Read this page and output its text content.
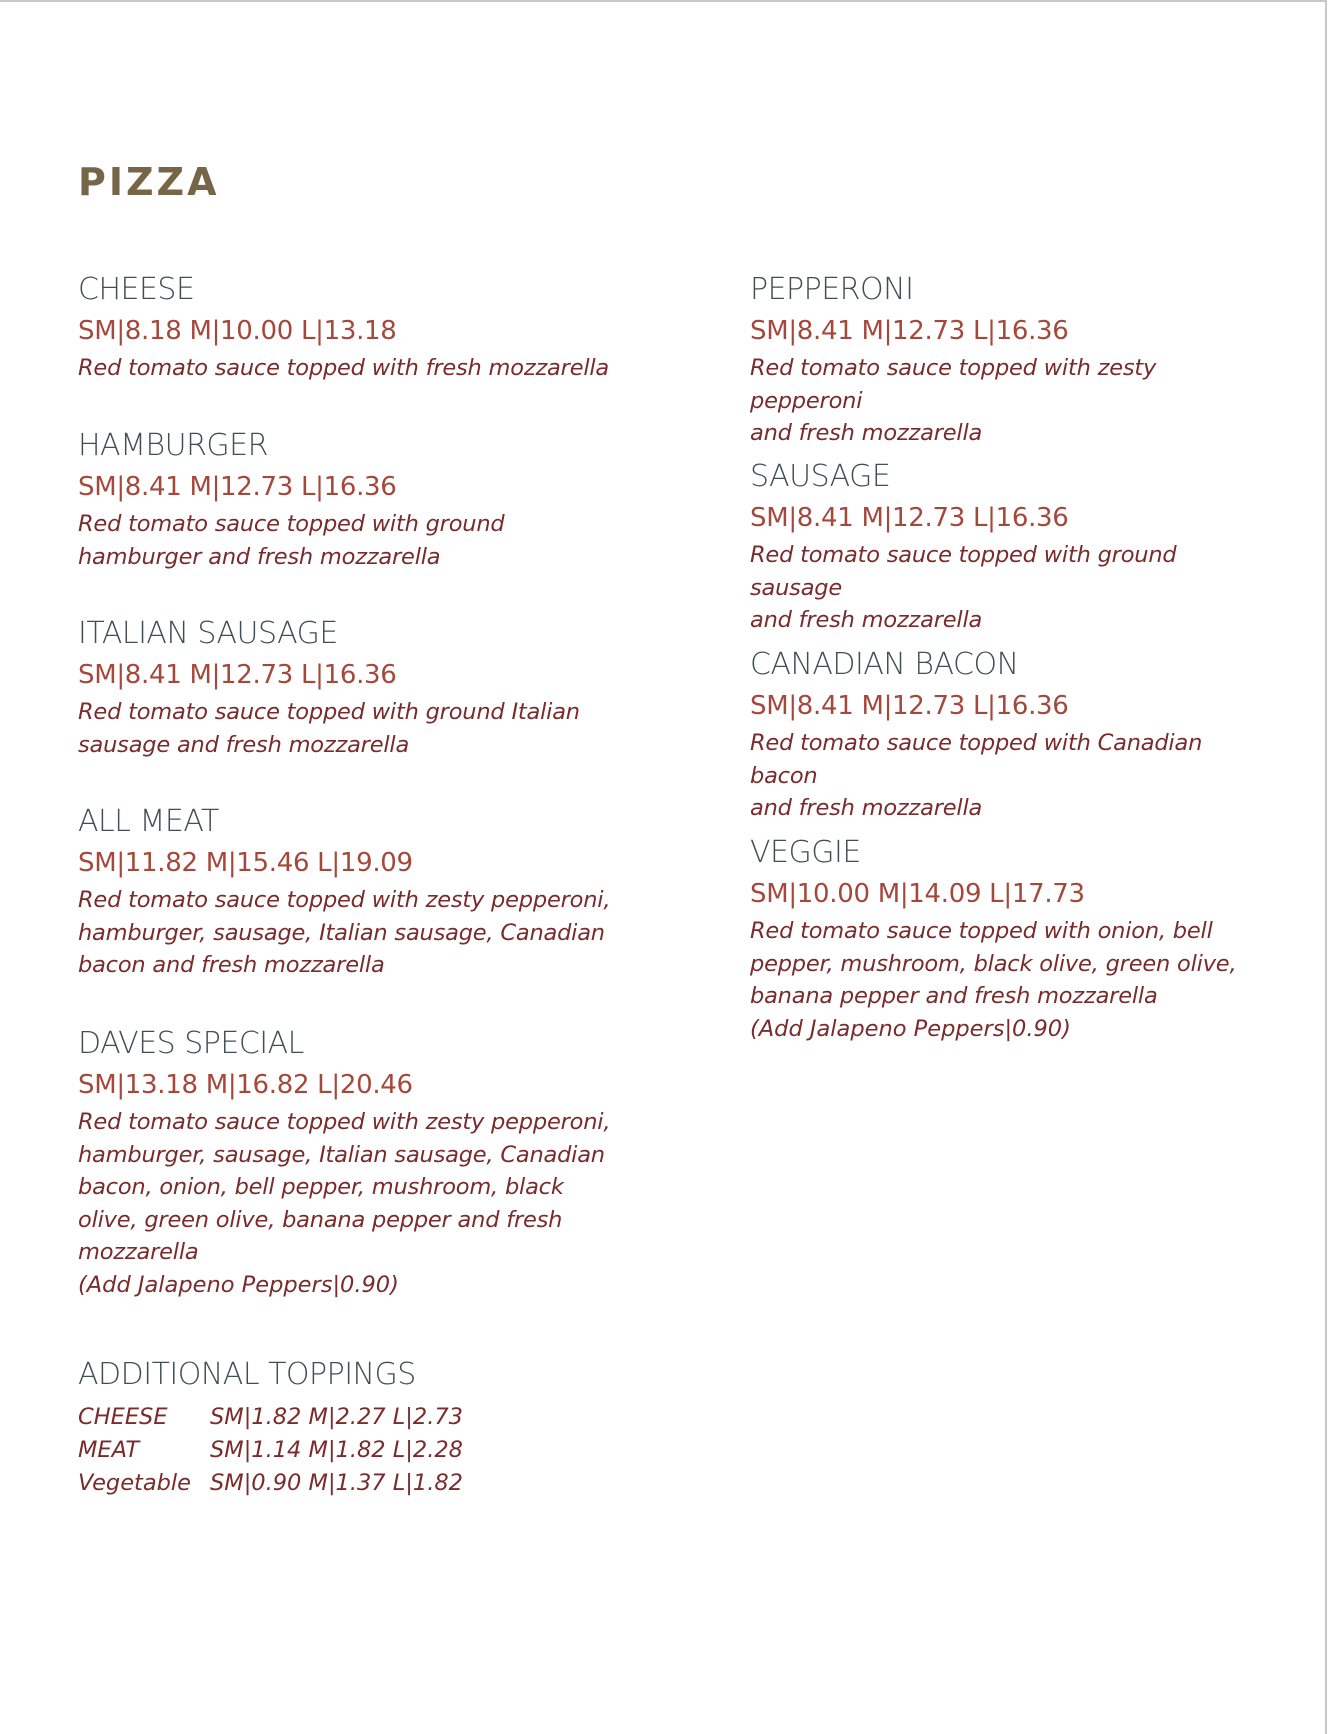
PIZZA
CHEESE
SM|8.18 M|10.00 L|13.18
Red tomato sauce topped with fresh mozzarella
HAMBURGER
SM|8.41 M|12.73 L|16.36
Red tomato sauce topped with ground
hamburger and fresh mozzarella
ITALIAN SAUSAGE
SM|8.41 M|12.73 L|16.36
Red tomato sauce topped with ground Italian
sausage and fresh mozzarella
ALL MEAT
SM|11.82 M|15.46 L|19.09
Red tomato sauce topped with zesty pepperoni,
hamburger, sausage, Italian sausage, Canadian
bacon and fresh mozzarella
DAVES SPECIAL
SM|13.18 M|16.82 L|20.46
Red tomato sauce topped with zesty pepperoni,
hamburger, sausage, Italian sausage, Canadian
bacon, onion, bell pepper, mushroom, black
olive, green olive, banana pepper and fresh
mozzarella
(Add Jalapeno Peppers|0.90)
ADDITIONAL TOPPINGS
CHEESE	SM|1.82 M|2.27 L|2.73
MEAT	SM|1.14 M|1.82 L|2.28
Vegetable SM|0.90 M|1.37 L|1.82
PEPPERONI
SM|8.41 M|12.73 L|16.36
Red tomato sauce topped with zesty pepperoni
and fresh mozzarella
SAUSAGE
SM|8.41 M|12.73 L|16.36
Red tomato sauce topped with ground sausage
and fresh mozzarella
CANADIAN BACON
SM|8.41 M|12.73 L|16.36
Red tomato sauce topped with Canadian bacon
and fresh mozzarella
VEGGIE
SM|10.00 M|14.09 L|17.73
Red tomato sauce topped with onion, bell
pepper, mushroom, black olive, green olive,
banana pepper and fresh mozzarella
(Add Jalapeno Peppers|0.90)
